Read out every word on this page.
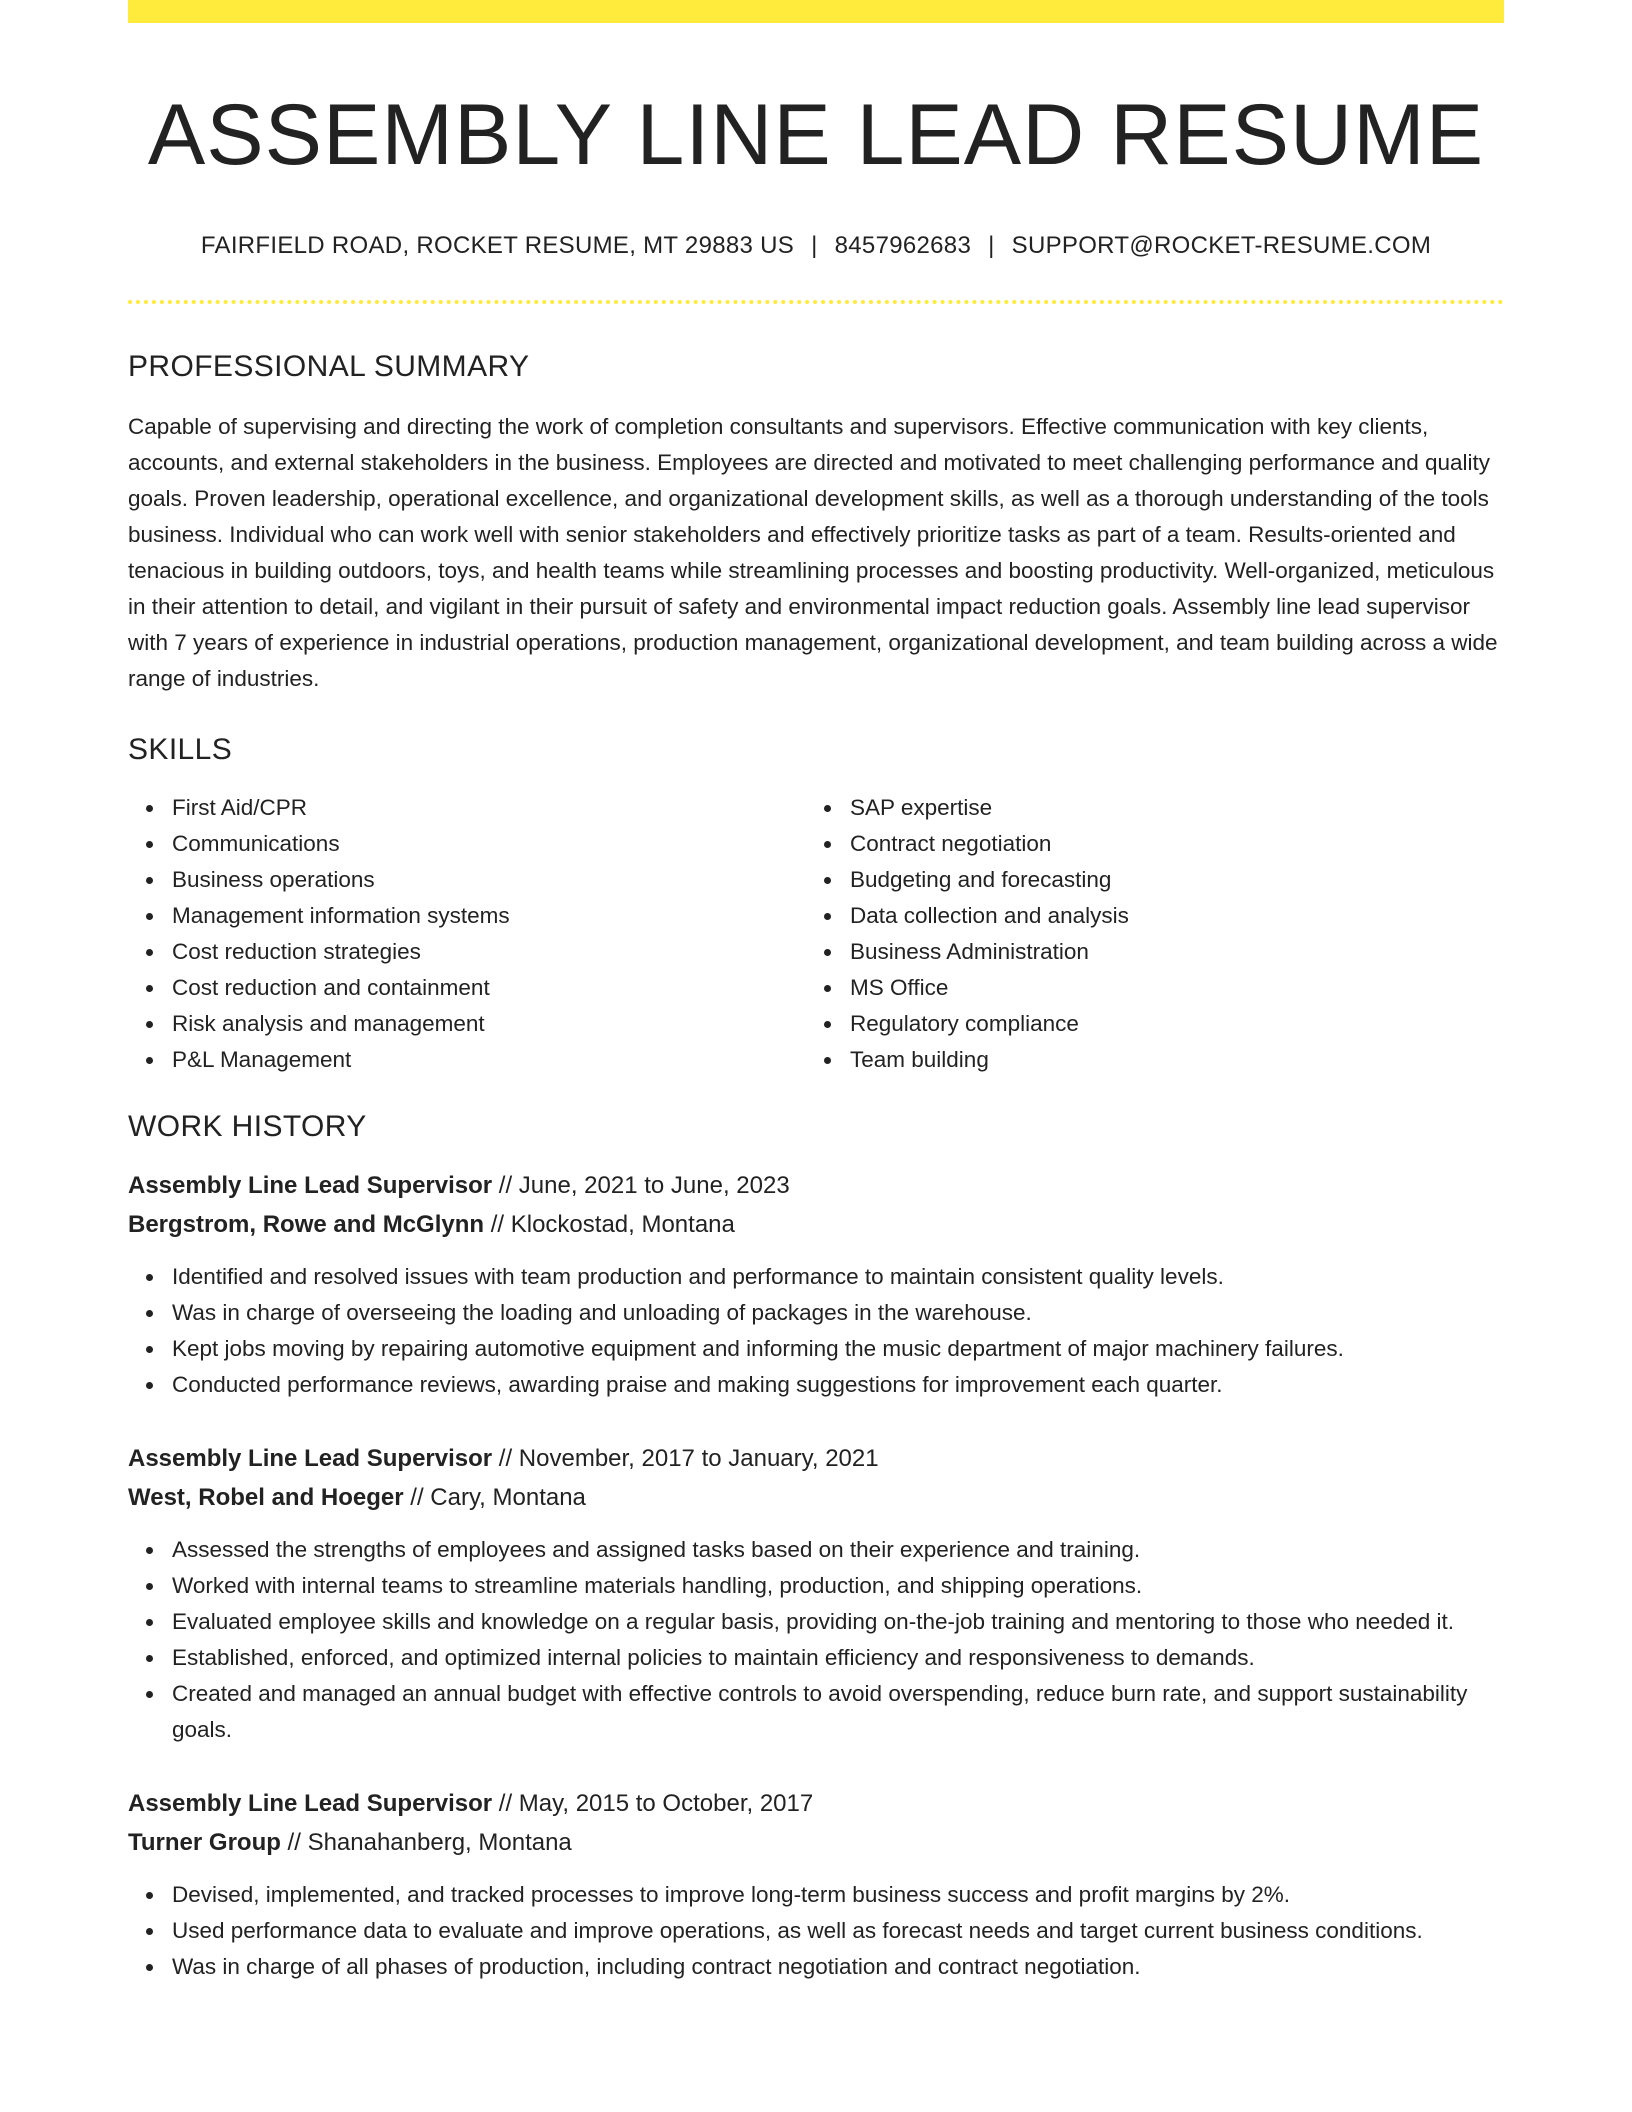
ASSEMBLY LINE LEAD RESUME
FAIRFIELD ROAD, ROCKET RESUME, MT 29883 US | 8457962683 | SUPPORT@ROCKET-RESUME.COM
PROFESSIONAL SUMMARY

Capable of supervising and directing the work of completion consultants and supervisors. Effective communication with key clients, accounts, and external stakeholders in the business. Employees are directed and motivated to meet challenging performance and quality goals. Proven leadership, operational excellence, and organizational development skills, as well as a thorough understanding of the tools business. Individual who can work well with senior stakeholders and effectively prioritize tasks as part of a team. Results-oriented and tenacious in building outdoors, toys, and health teams while streamlining processes and boosting productivity. Well-organized, meticulous in their attention to detail, and vigilant in their pursuit of safety and environmental impact reduction goals. Assembly line lead supervisor with 7 years of experience in industrial operations, production management, organizational development, and team building across a wide range of industries.

SKILLS
First Aid/CPR
Communications
Business operations
Management information systems
Cost reduction strategies
Cost reduction and containment
Risk analysis and management
P&L Management
SAP expertise
Contract negotiation
Budgeting and forecasting
Data collection and analysis
Business Administration
MS Office
Regulatory compliance
Team building
WORK HISTORY
Assembly Line Lead Supervisor // June, 2021 to June, 2023
Bergstrom, Rowe and McGlynn // Klockostad, Montana
Identified and resolved issues with team production and performance to maintain consistent quality levels.
Was in charge of overseeing the loading and unloading of packages in the warehouse.
Kept jobs moving by repairing automotive equipment and informing the music department of major machinery failures.
Conducted performance reviews, awarding praise and making suggestions for improvement each quarter.
Assembly Line Lead Supervisor // November, 2017 to January, 2021
West, Robel and Hoeger // Cary, Montana
Assessed the strengths of employees and assigned tasks based on their experience and training.
Worked with internal teams to streamline materials handling, production, and shipping operations.
Evaluated employee skills and knowledge on a regular basis, providing on-the-job training and mentoring to those who needed it.
Established, enforced, and optimized internal policies to maintain efficiency and responsiveness to demands.
Created and managed an annual budget with effective controls to avoid overspending, reduce burn rate, and support sustainability goals.
Assembly Line Lead Supervisor // May, 2015 to October, 2017
Turner Group // Shanahanberg, Montana
Devised, implemented, and tracked processes to improve long-term business success and profit margins by 2%.
Used performance data to evaluate and improve operations, as well as forecast needs and target current business conditions.
Was in charge of all phases of production, including contract negotiation and contract negotiation.
